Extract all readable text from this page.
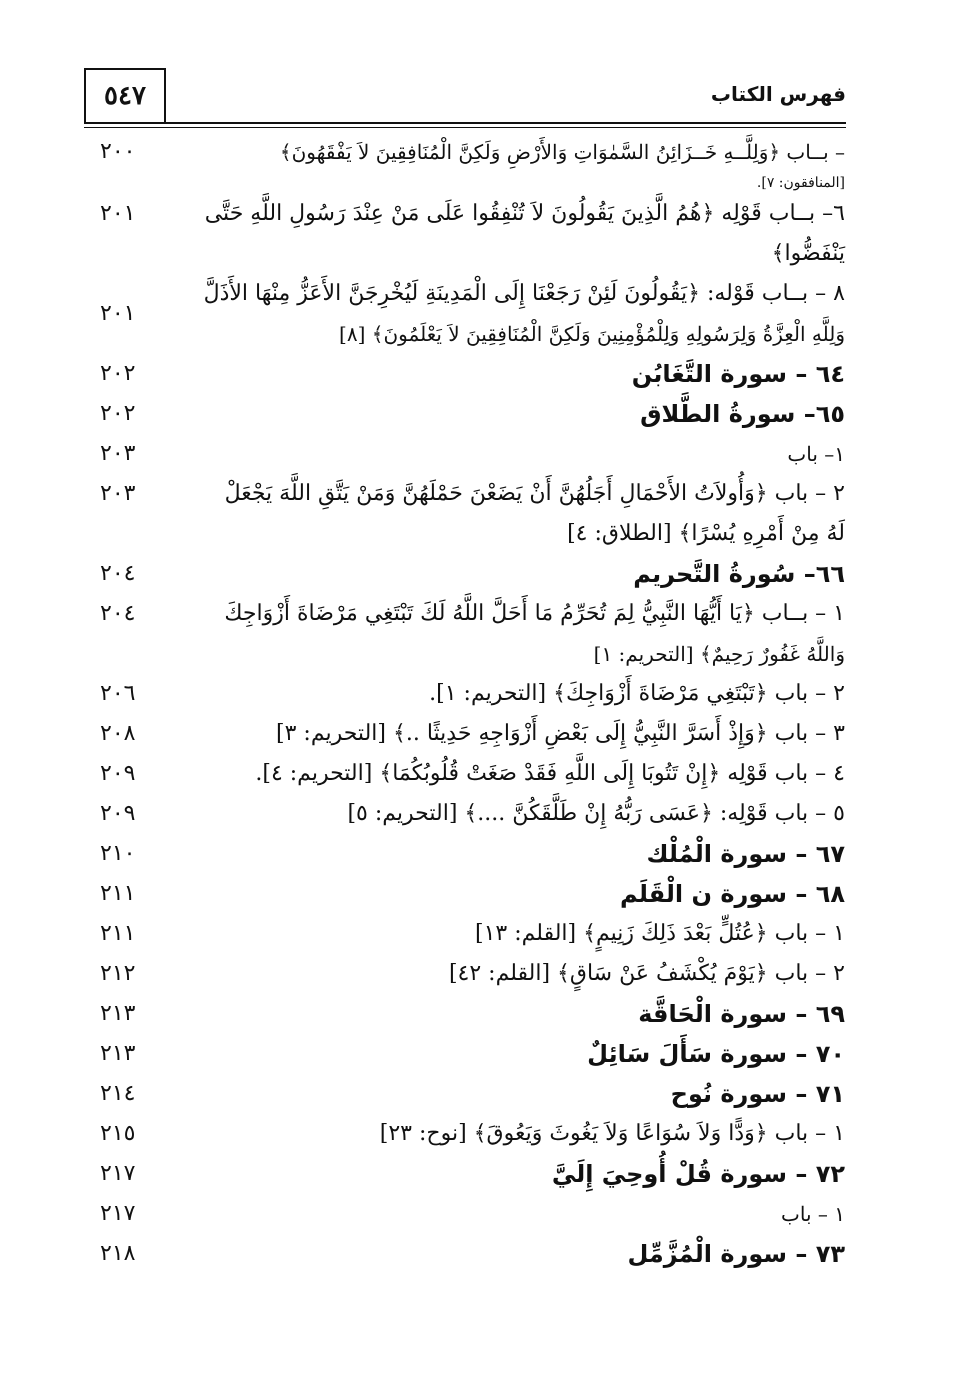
٥٤٧	فهرس الكتاب
– بــاب ﴿وَلِلَّــهِ خَــزَائِنُ السَّمٰوَاتِ وَالأَرْضِ وَلَكِنَّ الْمُنَافِقِينَ لاَ يَفْقَهُونَ﴾
[المنافقون: ٧].
٢٠٠
٦– بــاب قَوْلِه ﴿هُمُ الَّذِينَ يَقُولُونَ لاَ تُنْفِقُوا عَلَى مَنْ عِنْدَ رَسُولِ اللَّهِ حَتَّى
يَنْفَضُّوا﴾
٢٠١
٨ – بــاب قَوْله: ﴿يَقُولُونَ لَئِنْ رَجَعْنَا إِلَى الْمَدِينَةِ لَيُخْرِجَنَّ الأَعَزُّ مِنْهَا الأَذَلَّ
وَلِلَّهِ الْعِزَّةُ وَلِرَسُولِهِ وَلِلْمُؤْمِنِينَ وَلَكِنَّ الْمُنَافِقِينَ لاَ يَعْلَمُونَ﴾ [٨]
٢٠١
٦٤ – سورة التَّغَابُن
٢٠٢
٦٥– سورةُ الطَّلاق
٢٠٢
١– باب
٢٠٣
٢ – باب ﴿وَأُولاَتُ الأَحْمَالِ أَجَلُهُنَّ أَنْ يَضَعْنَ حَمْلَهُنَّ وَمَنْ يَتَّقِ اللَّهَ يَجْعَلْ
لَهُ مِنْ أَمْرِهِ يُسْرًا﴾ [الطلاق: ٤]
٢٠٣
٦٦– سُورةُ التَّحريم
٢٠٤
١ – بــاب ﴿يَا أَيُّهَا النَّبِيُّ لِمَ تُحَرِّمُ مَا أَحَلَّ اللَّهُ لَكَ تَبْتَغِي مَرْضَاةَ أَزْوَاجِكَ
وَاللَّهُ غَفُورٌ رَحِيمٌ﴾ [التحريم: ١]
٢٠٤
٢ – باب ﴿تَبْتَغِي مَرْضَاةَ أَزْوَاجِكَ﴾ [التحريم: ١].
٢٠٦
٣ – باب ﴿وَإِذْ أَسَرَّ النَّبِيُّ إِلَى بَعْضِ أَزْوَاجِهِ حَدِيثًا ..﴾ [التحريم: ٣]
٢٠٨
٤ – باب قَوْلِه ﴿إِنْ تَتُوبَا إِلَى اللَّهِ فَقَدْ صَغَتْ قُلُوبُكُمَا﴾ [التحريم: ٤].
٢٠٩
٥ – باب قَوْلِه: ﴿عَسَى رَبُّهُ إِنْ طَلَّقَكُنَّ ....﴾ [التحريم: ٥]
٢٠٩
٦٧ – سورة الْمُلْك
٢١٠
٦٨ – سورة ن الْقَلَم
٢١١
١ – باب ﴿عُتُلٍّ بَعْدَ ذَلِكَ زَنِيمٍ﴾ [القلم: ١٣]
٢١١
٢ – باب ﴿يَوْمَ يُكْشَفُ عَنْ سَاقٍ﴾ [القلم: ٤٢]
٢١٢
٦٩ – سورة الْحَاقَّة
٢١٣
٧٠ – سورة سَأَلَ سَائِلٌ
٢١٣
٧١ – سورة نُوح
٢١٤
١ – باب ﴿وَدًّا وَلاَ سُوَاعًا وَلاَ يَغُوثَ وَيَعُوقَ﴾ [نوح: ٢٣]
٢١٥
٧٢ – سورة قُلْ أُوحِيَ إِلَيَّ
٢١٧
١ – باب
٢١٧
٧٣ – سورة الْمُزَّمِّل
٢١٨
